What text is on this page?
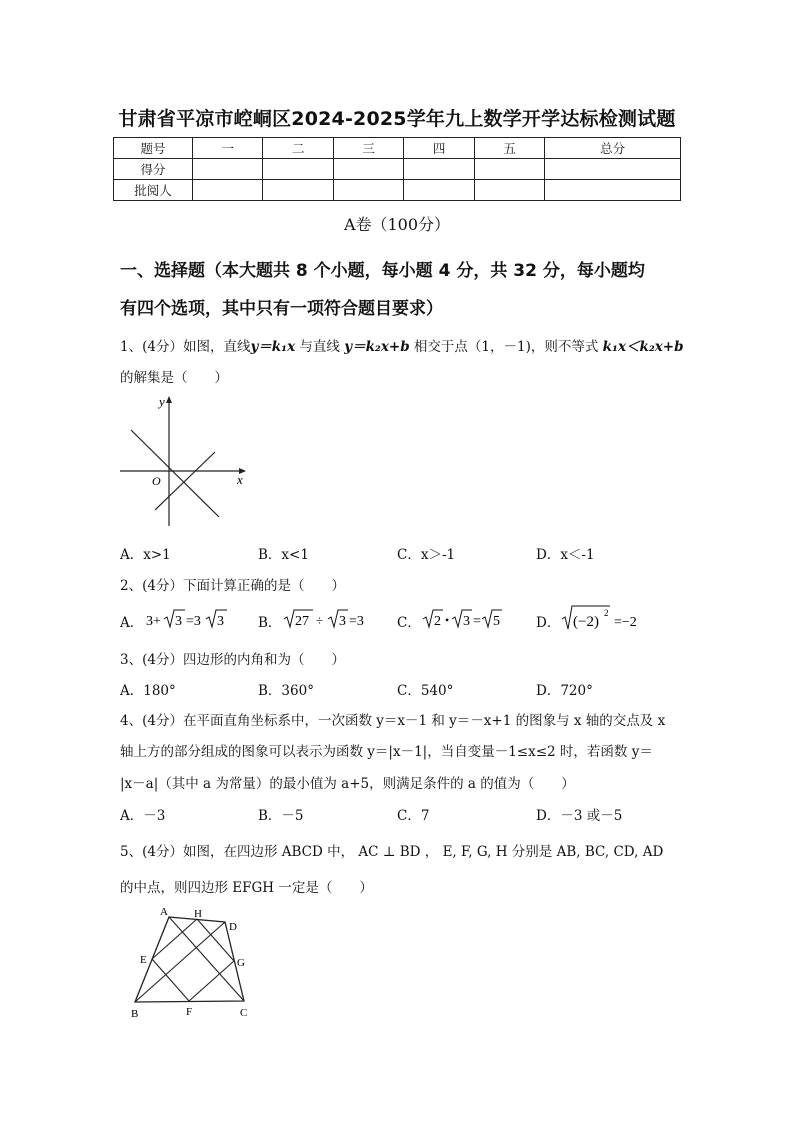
甘肃省平凉市崆峒区2024-2025学年九上数学开学达标检测试题
题号	一	二	三	四	五	总分
得分						
批阅人						
A卷（100分）
一、选择题（本大题共 8 个小题，每小题 4 分，共 32 分，每小题均
有四个选项，其中只有一项符合题目要求）
1、(4分）如图，直线y＝k₁x 与直线 y＝k₂x+b 相交于点（1，－1)，则不等式 k₁x＜k₂x+b
的解集是（　　）
y
x
O
A．x>1	B．x<1	C．x＞-1	D．x＜-1
2、(4分）下面计算正确的是（　　）
A．	B．	C．	D．
3+ 3 =3 3	27 ÷ 3 =3	2 • 3 = 5	(−2)
2
=−2
3、(4分）四边形的内角和为（　　）
A．180°	B．360°	C．540°	D．720°
4、(4分）在平面直角坐标系中，一次函数 y＝x－1 和 y＝－x+1 的图象与 x 轴的交点及 x
轴上方的部分组成的图象可以表示为函数 y＝|x－1|，当自变量－1≤x≤2 时，若函数 y＝
|x－a|（其中 a 为常量）的最小值为 a+5，则满足条件的 a 的值为（　　）
A．－3	B．－5	C．7	D．－3 或－5
5、(4分）如图，在四边形 ABCD 中， AC ⊥ BD ， E, F, G, H 分别是 AB, BC, CD, AD
的中点，则四边形 EFGH 一定是（　　）
A H
D
E	G
B	F	C
